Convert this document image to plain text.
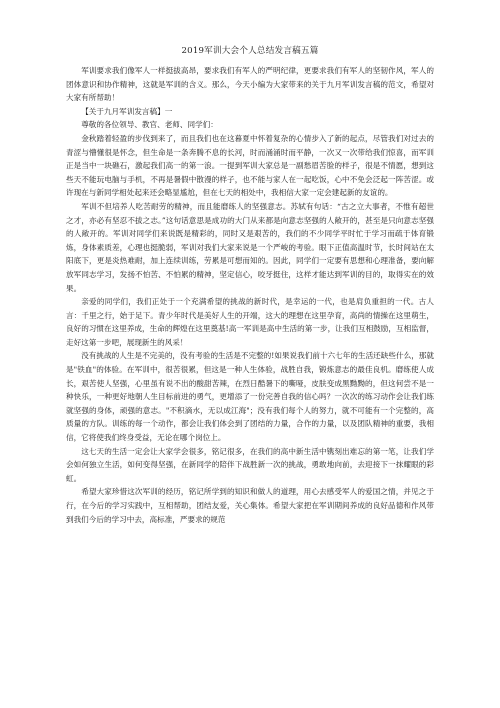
2019军训大会个人总结发言稿五篇

军训要求我们像军人一样挺拔高昂，要求我们有军人的严明纪律，更要求我们有军人的坚韧作风，军人的团体意识和协作精神，这就是军训的含义。那么，今天小编为大家带来的关于九月军训发言稿的范文，希望对大家有所帮助！

【关于九月军训发言稿】一

尊敬的各位领导、教官、老师、同学们：

金秋踏着轻盈的步伐到来了，而且我们也在这暮夏中怀着复杂的心情步入了新的起点，尽管我们对过去的青涩与懵懂很是怀念，但生命是一条奔腾不息的长河，时而涌涌时而平静，一次又一次带给我们惊喜，而军训正是当中一块礁石，激起我们高一的第一浪。一提到军训大家总是一副愁眉苦脸的样子，很是不情愿，想到这些天不能玩电脑与手机，不再是暑假中散漫的样子，也不能与家人在一起吃饭，心中不免会泛起一阵苦涩。或许现在与新同学相处起来还会略显尴尬，但在七天的相处中，我相信大家一定会建起新的友谊的。

军训不但培养人吃苦耐劳的精神，而且能磨练人的坚强意志。苏轼有句话：“古之立大事者，不惟有超世之才，亦必有坚忍不拔之志。”这句话意思是成功的大门从来都是向意志坚强的人敞开的，甚至是只向意志坚强的人敞开的。军训对同学们来说既是精彩的，同时又是艰苦的，我们的不少同学平时忙于学习而疏于体育锻炼，身体素质差，心理也挺脆弱，军训对我们大家来说是一个严峻的考验。眼下正值高温时节，长时间站在太阳底下，更是炎热难耐，加上连续训练，劳累是可想而知的。因此，同学们一定要有思想和心理准备，要向解放军同志学习，发扬不怕苦、不怕累的精神，坚定信心，咬牙挺住，这样才能达到军训的目的，取得实在的效果。

亲爱的同学们，我们正处于一个充满希望的挑战的新时代，是幸运的一代，也是肩负重担的一代。古人言：千里之行，始于足下。青少年时代是美好人生的开端，这大的理想在这里孕育，高尚的情操在这里萌生，良好的习惯在这里养成，生命的辉煌在这里奠基!高一军训是高中生活的第一步，让我们互相鼓励，互相监督，走好这第一步吧，展现新生的风采！

没有挑战的人生是不完美的，没有考验的生活是不完整的!如果说我们前十六七年的生活还缺些什么，那就是"铁血"的体验。在军训中，很苦很累，但这是一种人生体验，战胜自我，锻炼意志的最佳良机。磨练使人成长，艰苦使人坚强，心里虽有说不出的酸甜苦辣，在烈日酷暑下的嘶哑，皮肤变成黑黝黝的，但这何尝不是一种快乐，一种更好地朝人生目标前进的勇气，更增添了一份完善自我的信心吗？一次次的练习动作会让我们练就坚强的身体，顽强的意志。"不积滴水，无以成江海"；没有我们每个人的努力，就不可能有一个完整的，高质量的方队。训练的每一个动作，都会让我们体会到了团结的力量，合作的力量，以及团队精神的重要，我相信，它将使我们终身受益，无论在哪个岗位上。

这七天的生活一定会让大家学会很多，铭记很多，在我们的高中新生活中镌刻出难忘的第一笔，让我们学会如何独立生活，如何变得坚强，在新同学的陪伴下战胜新一次的挑战，勇敢地向前，去迎接下一抹耀眼的彩虹。

希望大家珍惜这次军训的经历，铭记所学到的知识和做人的道理，用心去感受军人的爱国之情，并见之于行，在今后的学习实践中，互相帮助，团结友爱，关心集体。希望大家把在军训期间养成的良好品德和作风带到我们今后的学习中去，高标准，严要求的规范
